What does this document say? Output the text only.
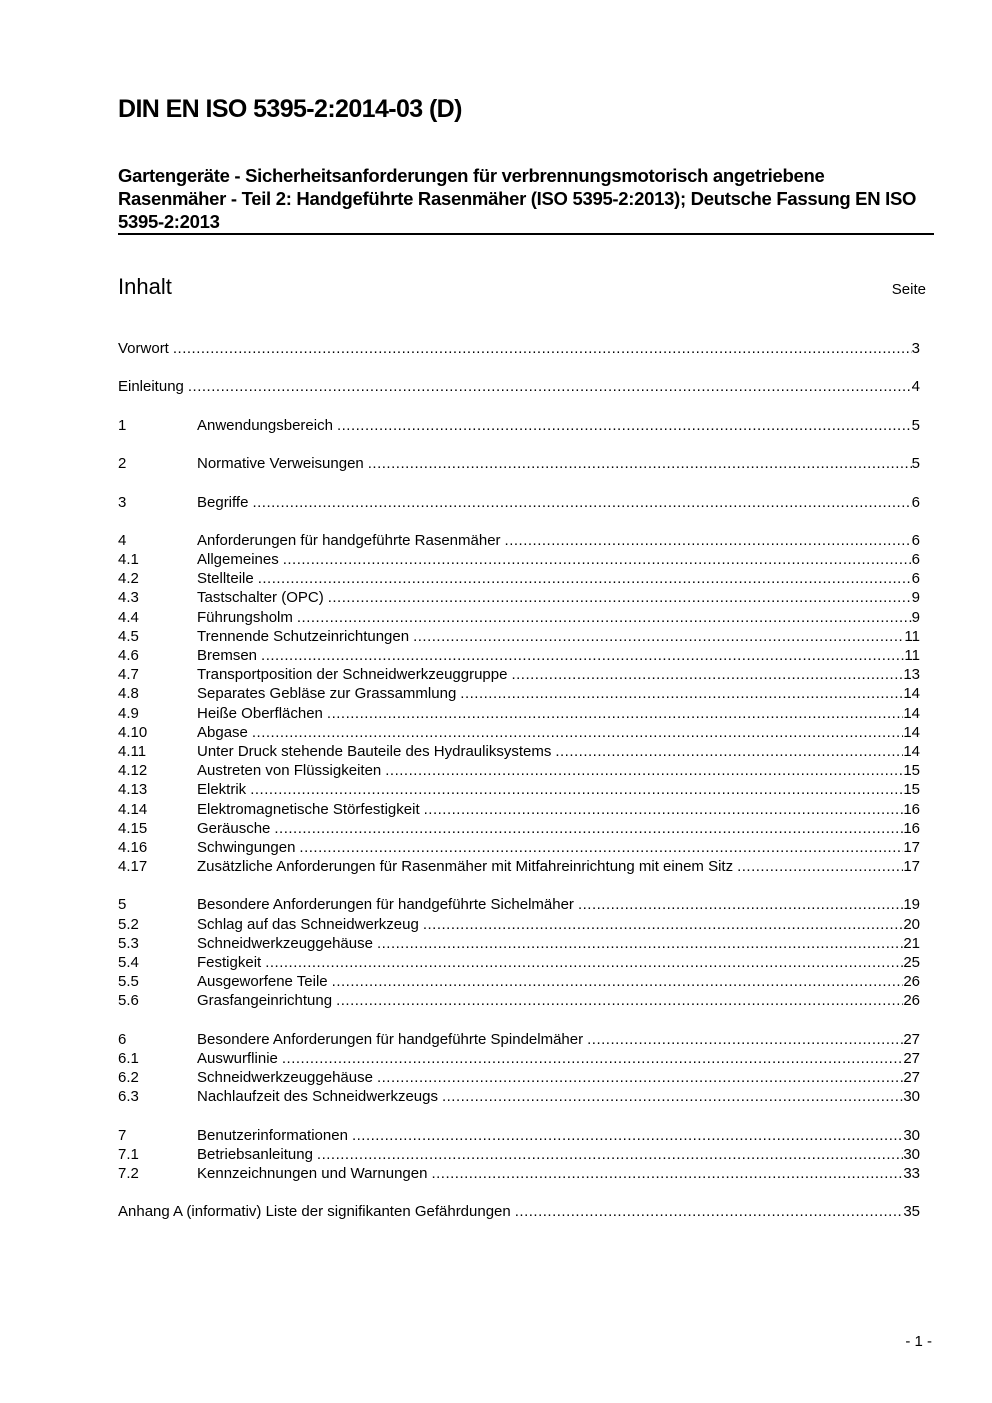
DIN EN ISO 5395-2:2014-03 (D)
Gartengeräte - Sicherheitsanforderungen für verbrennungsmotorisch angetriebene Rasenmäher - Teil 2: Handgeführte Rasenmäher (ISO 5395-2:2013); Deutsche Fassung EN ISO 5395-2:2013
Inhalt	Seite
Vorwort .....	3
Einleitung .....	4
1	Anwendungsbereich .....	5
2	Normative Verweisungen .....	5
3	Begriffe .....	6
4	Anforderungen für handgeführte Rasenmäher .....	6
4.1	Allgemeines .....	6
4.2	Stellteile .....	6
4.3	Tastschalter (OPC) .....	9
4.4	Führungsholm .....	9
4.5	Trennende Schutzeinrichtungen .....	11
4.6	Bremsen .....	11
4.7	Transportposition der Schneidwerkzeuggruppe .....	13
4.8	Separates Gebläse zur Grassammlung .....	14
4.9	Heiße Oberflächen .....	14
4.10	Abgase .....	14
4.11	Unter Druck stehende Bauteile des Hydrauliksystems .....	14
4.12	Austreten von Flüssigkeiten .....	15
4.13	Elektrik .....	15
4.14	Elektromagnetische Störfestigkeit .....	16
4.15	Geräusche .....	16
4.16	Schwingungen .....	17
4.17	Zusätzliche Anforderungen für Rasenmäher mit Mitfahreinrichtung mit einem Sitz .....	17
5	Besondere Anforderungen für handgeführte Sichelmäher .....	19
5.2	Schlag auf das Schneidwerkzeug .....	20
5.3	Schneidwerkzeuggehäuse .....	21
5.4	Festigkeit .....	25
5.5	Ausgeworfene Teile .....	26
5.6	Grasfangeinrichtung .....	26
6	Besondere Anforderungen für handgeführte Spindelmäher .....	27
6.1	Auswurflinie .....	27
6.2	Schneidwerkzeuggehäuse .....	27
6.3	Nachlaufzeit des Schneidwerkzeugs .....	30
7	Benutzerinformationen .....	30
7.1	Betriebsanleitung .....	30
7.2	Kennzeichnungen und Warnungen .....	33
Anhang A (informativ) Liste der signifikanten Gefährdungen .....	35
- 1 -
